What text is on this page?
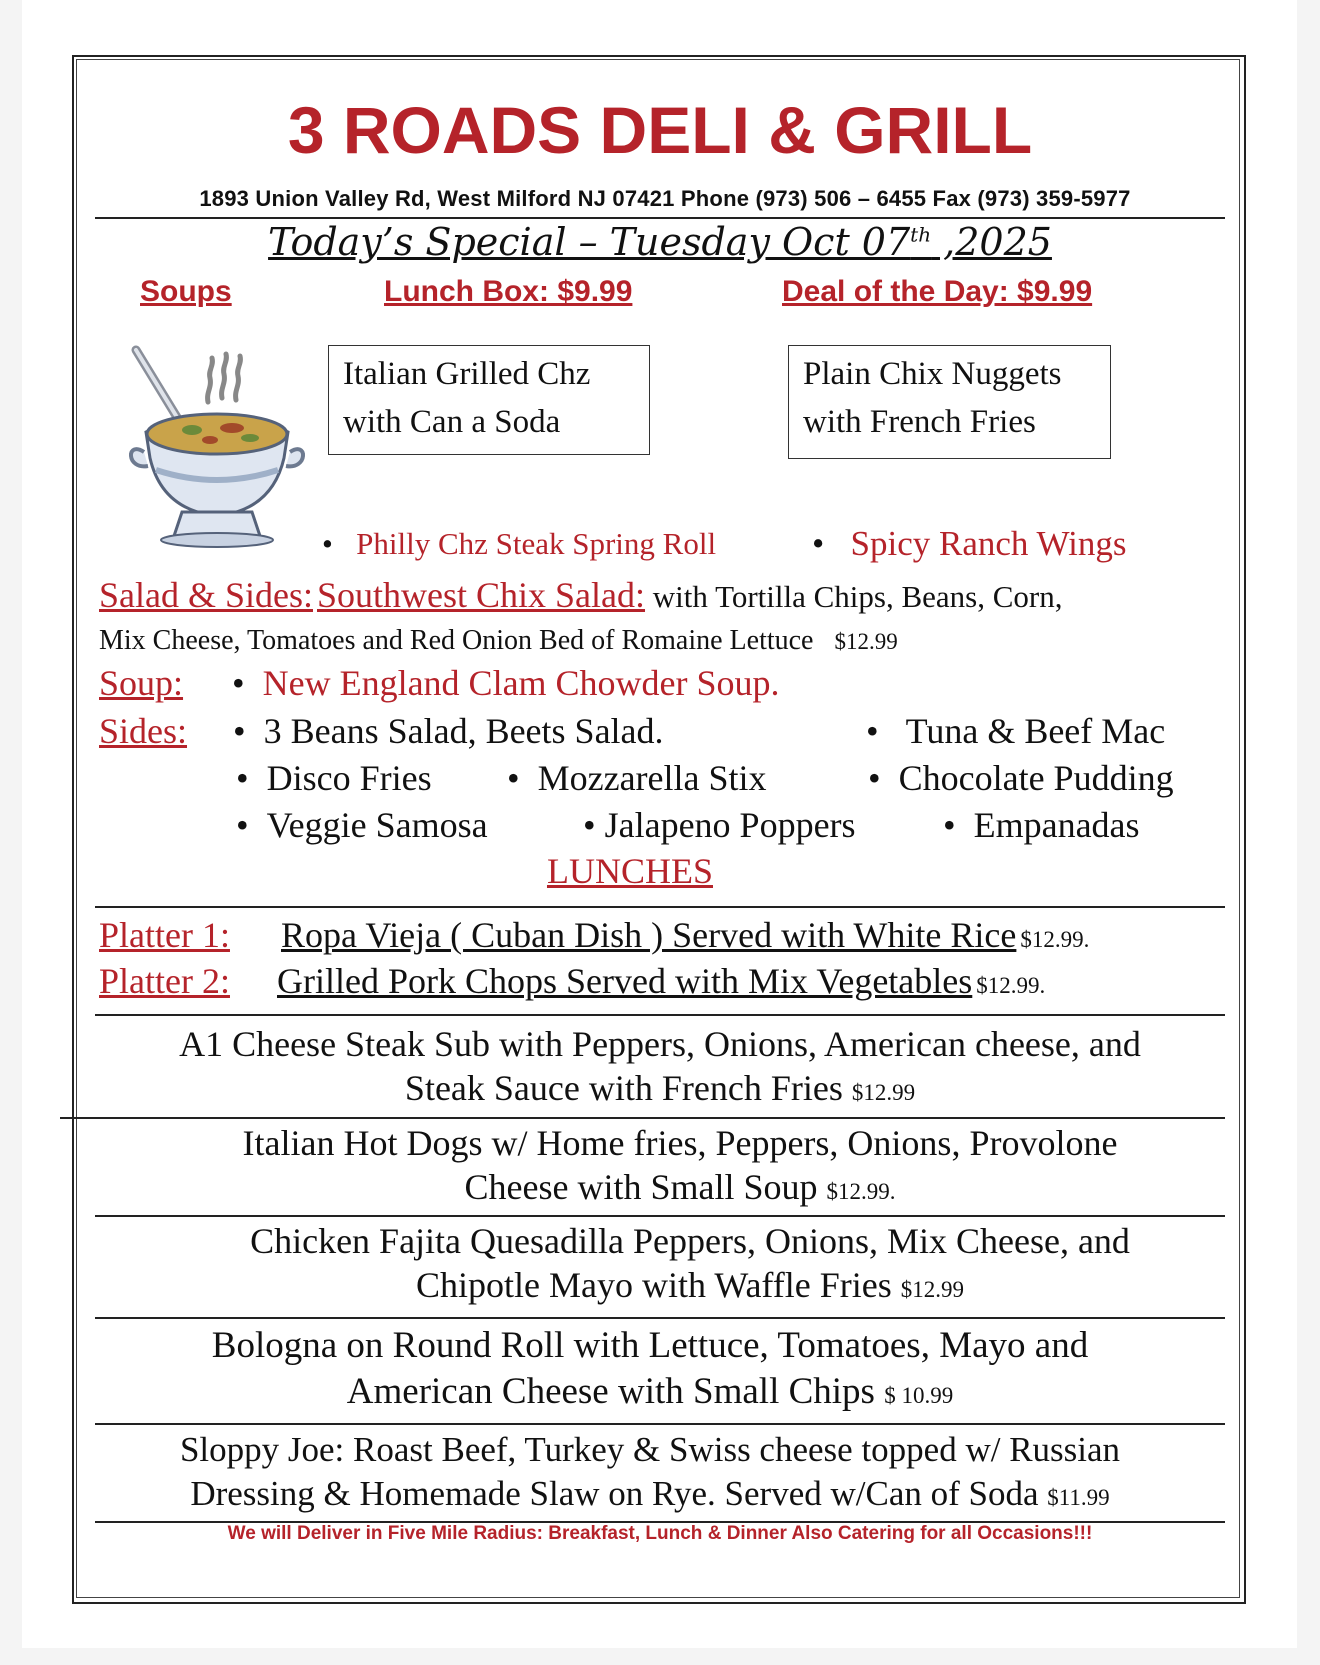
3 ROADS DELI & GRILL
1893 Union Valley Rd, West Milford NJ 07421 Phone (973) 506 – 6455 Fax (973) 359-5977
Today’s Special – Tuesday Oct 07th ,2025
Soups	Lunch Box: $9.99	Deal of the Day: $9.99
Italian Grilled Chz
with Can a Soda
Plain Chix Nuggets
with French Fries
•   Philly Chz Steak Spring Roll	•   Spicy Ranch Wings
Salad & Sides: Southwest Chix Salad: with Tortilla Chips, Beans, Corn,
Mix Cheese, Tomatoes and Red Onion Bed of Romaine Lettuce $12.99
Soup: •  New England Clam Chowder Soup.
Sides: •  3 Beans Salad, Beets Salad.	•   Tuna & Beef Mac
•  Disco Fries •  Mozzarella Stix	•  Chocolate Pudding
•  Veggie Samosa	• Jalapeno Poppers •  Empanadas
LUNCHES
Platter 1: Ropa Vieja ( Cuban Dish ) Served with White Rice $12.99.
Platter 2: Grilled Pork Chops Served with Mix Vegetables $12.99.
A1 Cheese Steak Sub with Peppers, Onions, American cheese, and
Steak Sauce with French Fries $12.99
Italian Hot Dogs w/ Home fries, Peppers, Onions, Provolone
Cheese with Small Soup $12.99.
Chicken Fajita Quesadilla Peppers, Onions, Mix Cheese, and
Chipotle Mayo with Waffle Fries $12.99
Bologna on Round Roll with Lettuce, Tomatoes, Mayo and
American Cheese with Small Chips $ 10.99
Sloppy Joe: Roast Beef, Turkey & Swiss cheese topped w/ Russian
Dressing & Homemade Slaw on Rye. Served w/Can of Soda $11.99
We will Deliver in Five Mile Radius: Breakfast, Lunch & Dinner Also Catering for all Occasions!!!
